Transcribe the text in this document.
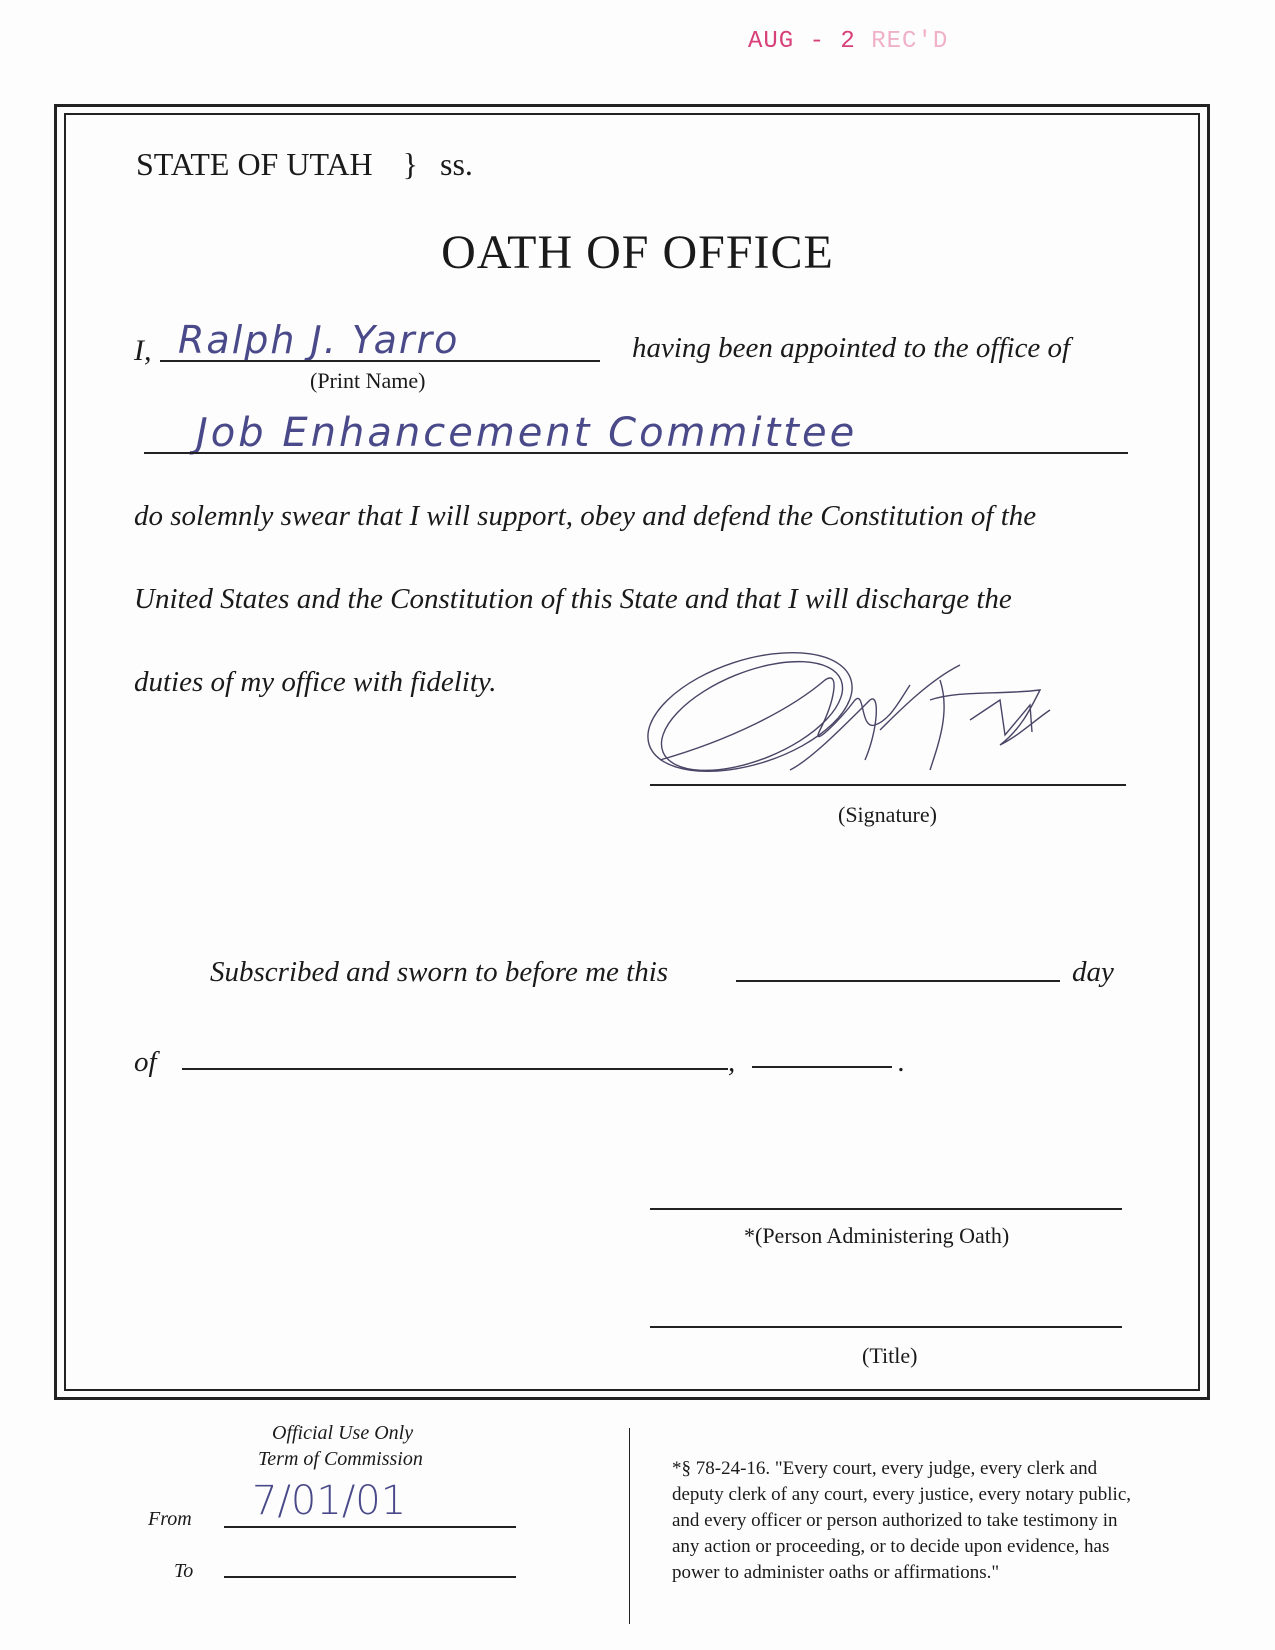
AUG - 2 REC'D
STATE OF UTAH } ss.
OATH OF OFFICE
I, Ralph J. Yarro
(Print Name)
having been appointed to the office of
Job Enhancement Committee
do solemnly swear that I will support, obey and defend the Constitution of the
United States and the Constitution of this State and that I will discharge the
duties of my office with fidelity.
(Signature)
Subscribed and sworn to before me this	day
of	,	.
*(Person Administering Oath)
(Title)
Official Use Only
Term of Commission
From 7/01/01
To
*§ 78-24-16. "Every court, every judge, every clerk and
deputy clerk of any court, every justice, every notary public,
and every officer or person authorized to take testimony in
any action or proceeding, or to decide upon evidence, has
power to administer oaths or affirmations."
